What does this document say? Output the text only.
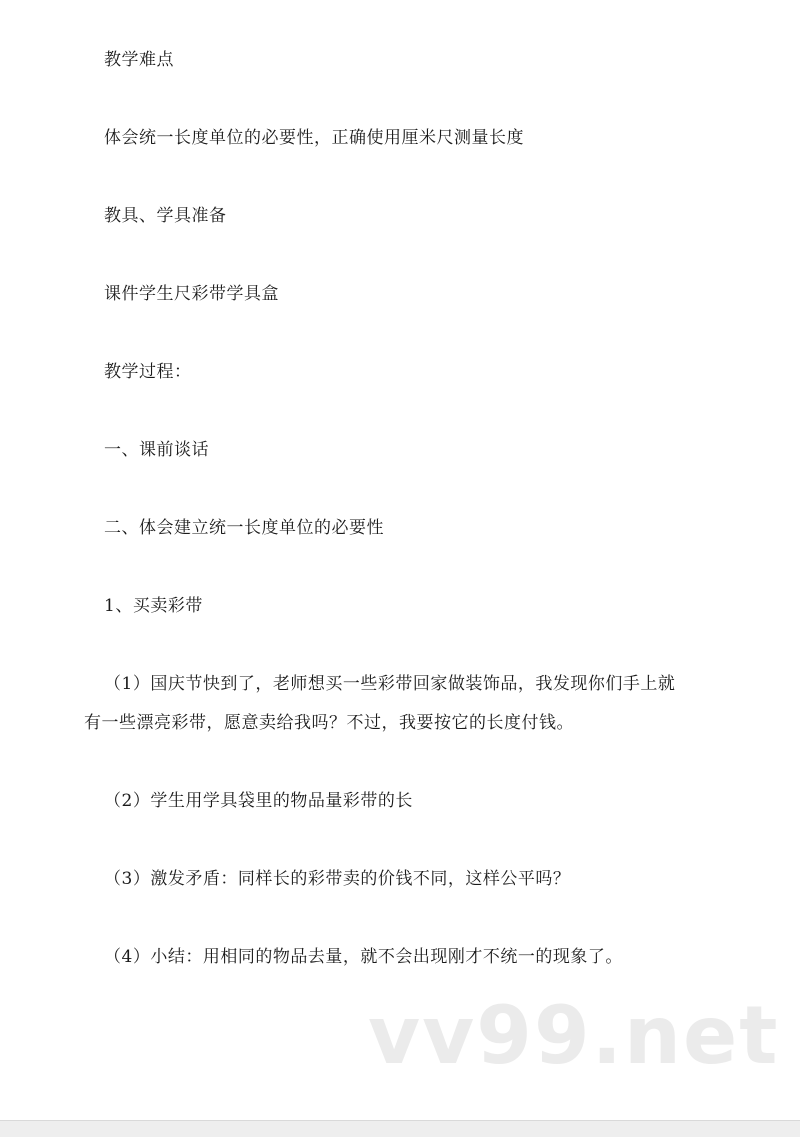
教学难点
体会统一长度单位的必要性，正确使用厘米尺测量长度
教具、学具准备
课件学生尺彩带学具盒
教学过程：
一、课前谈话
二、体会建立统一长度单位的必要性
1、买卖彩带
（1）国庆节快到了，老师想买一些彩带回家做装饰品，我发现你们手上就
有一些漂亮彩带，愿意卖给我吗？不过，我要按它的长度付钱。
（2）学生用学具袋里的物品量彩带的长
（3）激发矛盾：同样长的彩带卖的价钱不同，这样公平吗？
（4）小结：用相同的物品去量，就不会出现刚才不统一的现象了。
vv99.net
